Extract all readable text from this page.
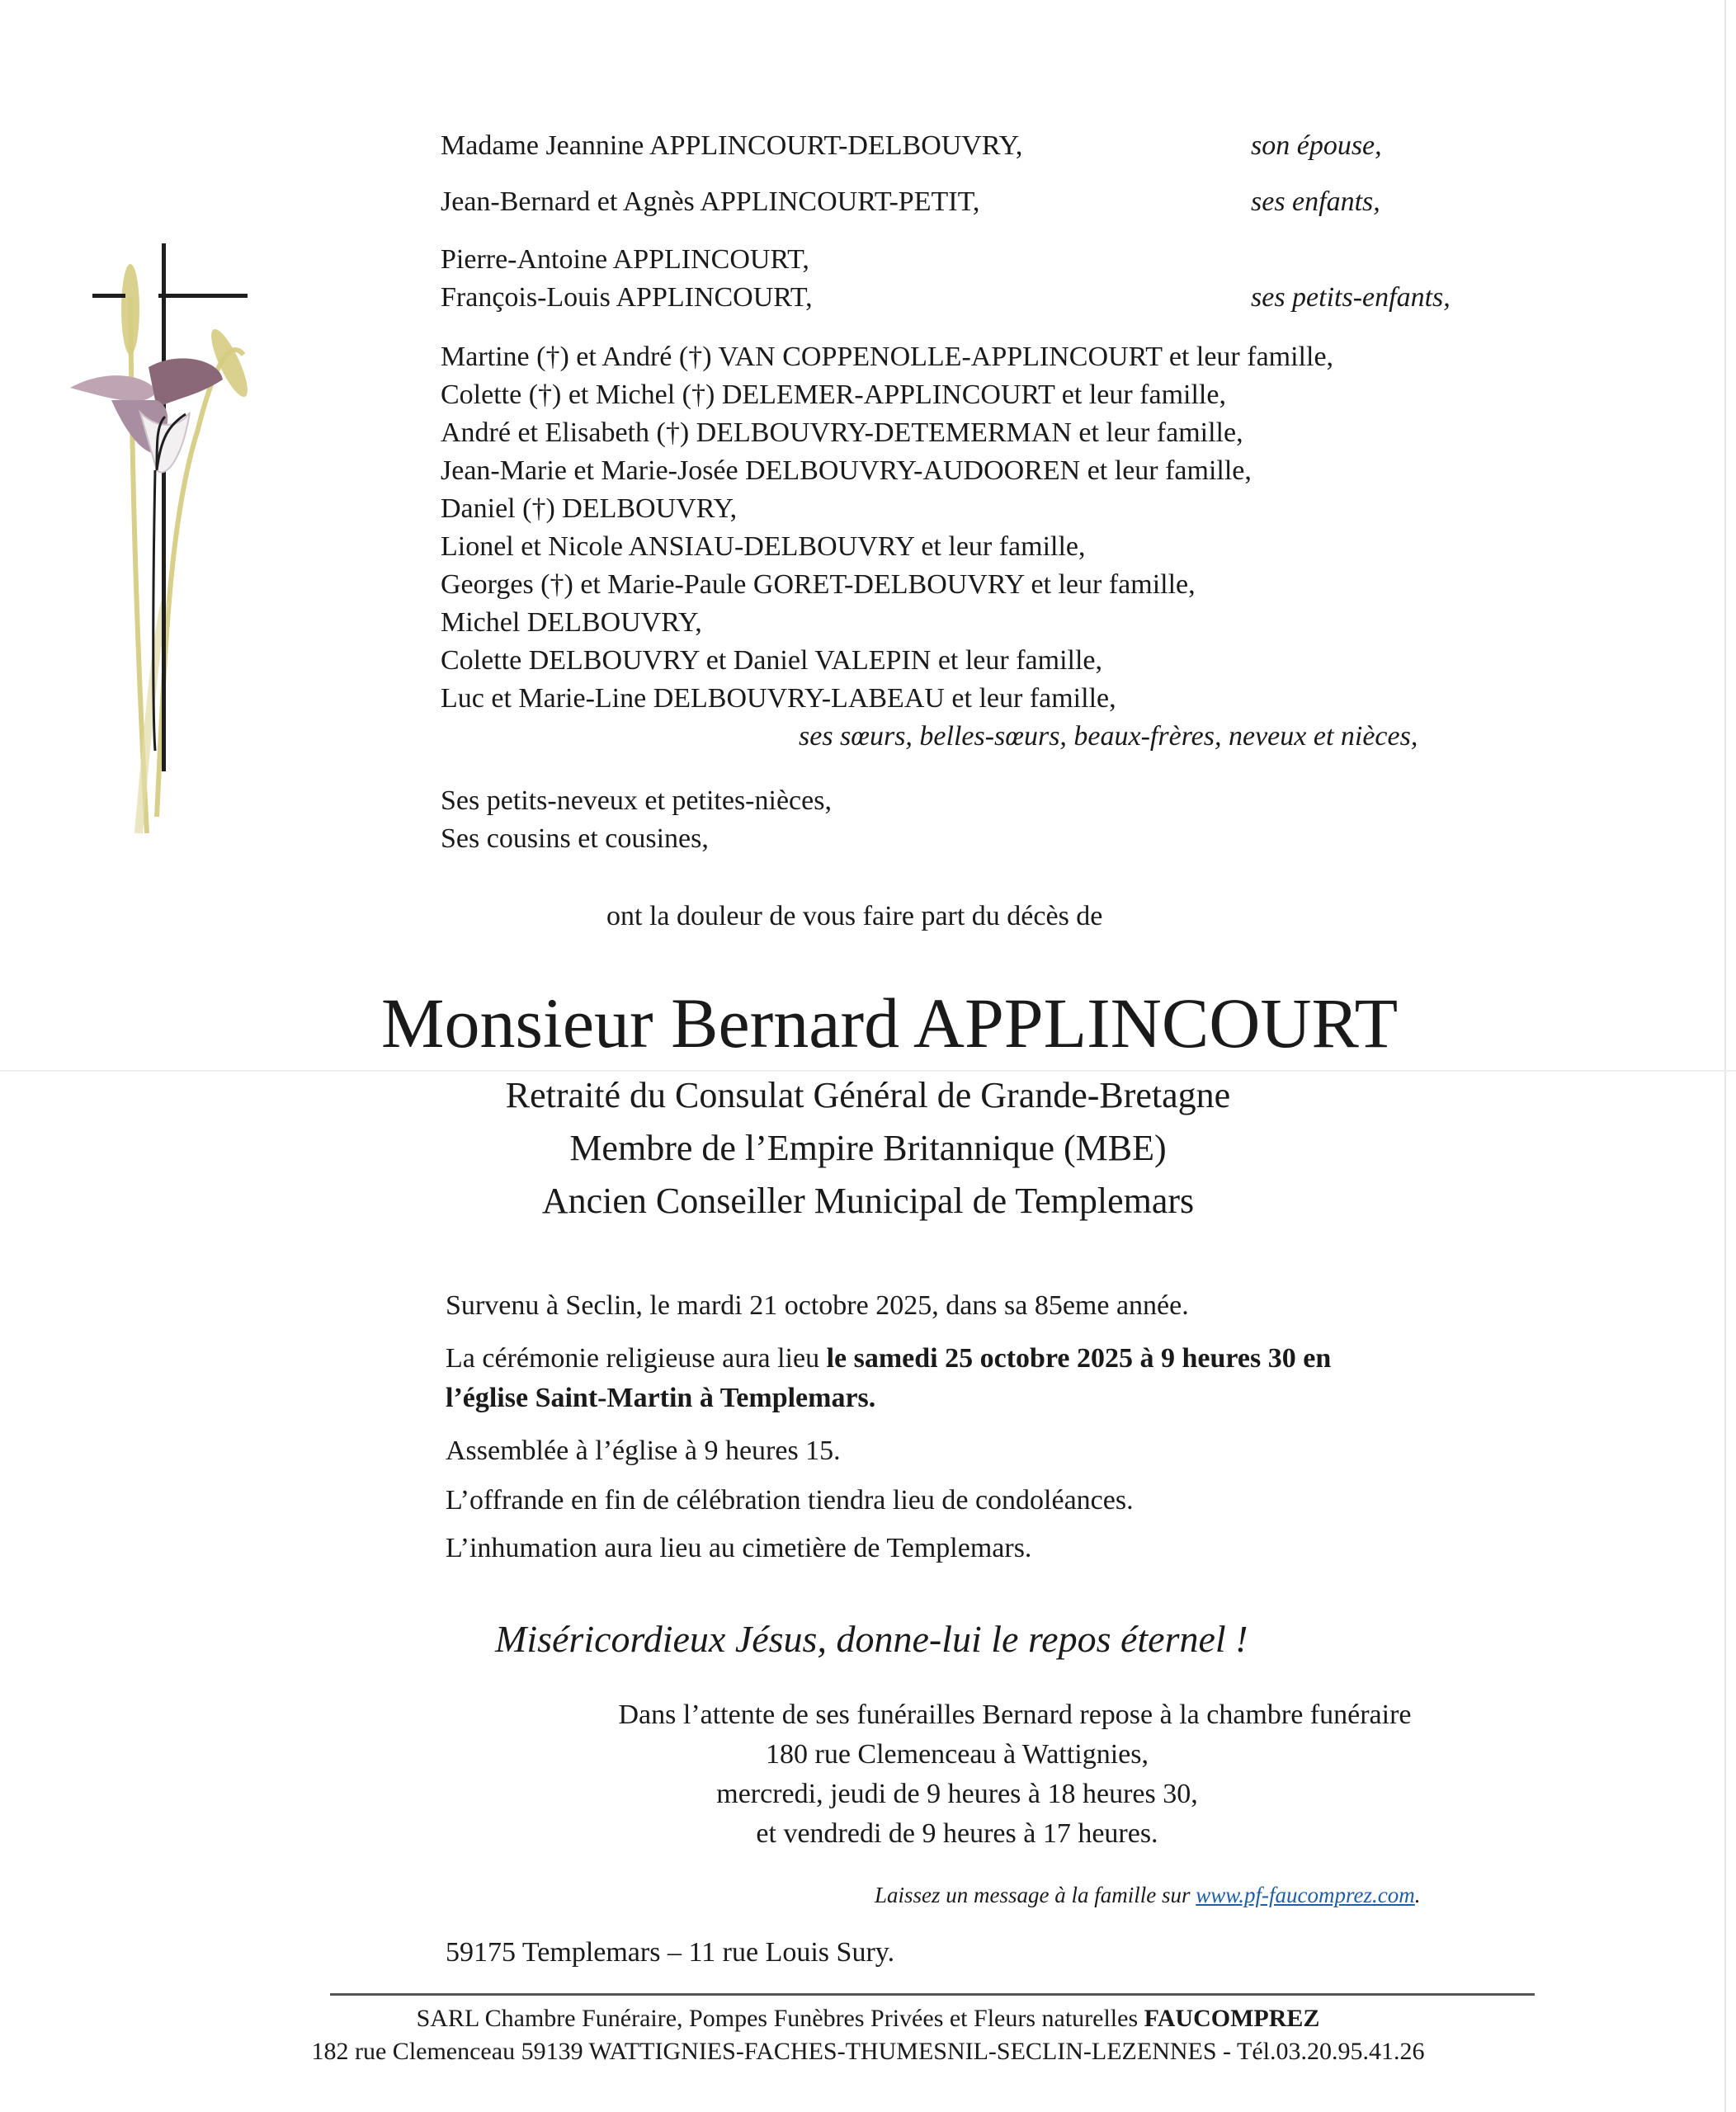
Madame Jeannine APPLINCOURT-DELBOUVRY,	son épouse,
Jean-Bernard et Agnès APPLINCOURT-PETIT,	ses enfants,
Pierre-Antoine APPLINCOURT,
François-Louis APPLINCOURT,	ses petits-enfants,
Martine (†) et André (†) VAN COPPENOLLE-APPLINCOURT et leur famille,
Colette (†) et Michel (†) DELEMER-APPLINCOURT et leur famille,
André et Elisabeth (†) DELBOUVRY-DETEMERMAN et leur famille,
Jean-Marie et Marie-Josée DELBOUVRY-AUDOOREN et leur famille,
Daniel (†) DELBOUVRY,
Lionel et Nicole ANSIAU-DELBOUVRY et leur famille,
Georges (†) et Marie-Paule GORET-DELBOUVRY et leur famille,
Michel DELBOUVRY,
Colette DELBOUVRY et Daniel VALEPIN et leur famille,
Luc et Marie-Line DELBOUVRY-LABEAU et leur famille,
ses sœurs, belles-sœurs, beaux-frères, neveux et nièces,
Ses petits-neveux et petites-nièces,
Ses cousins et cousines,
ont la douleur de vous faire part du décès de
Monsieur Bernard APPLINCOURT
Retraité du Consulat Général de Grande-Bretagne
Membre de l’Empire Britannique (MBE)
Ancien Conseiller Municipal de Templemars
Survenu à Seclin, le mardi 21 octobre 2025, dans sa 85eme année.
La cérémonie religieuse aura lieu le samedi 25 octobre 2025 à 9 heures 30 en
l’église Saint-Martin à Templemars.
Assemblée à l’église à 9 heures 15.
L’offrande en fin de célébration tiendra lieu de condoléances.
L’inhumation aura lieu au cimetière de Templemars.
Miséricordieux Jésus, donne-lui le repos éternel !
Dans l’attente de ses funérailles Bernard repose à la chambre funéraire
180 rue Clemenceau à Wattignies,
mercredi, jeudi de 9 heures à 18 heures 30,
et vendredi de 9 heures à 17 heures.
Laissez un message à la famille sur www.pf-faucomprez.com.
59175 Templemars – 11 rue Louis Sury.
SARL Chambre Funéraire, Pompes Funèbres Privées et Fleurs naturelles FAUCOMPREZ
182 rue Clemenceau 59139 WATTIGNIES-FACHES-THUMESNIL-SECLIN-LEZENNES - Tél.03.20.95.41.26
